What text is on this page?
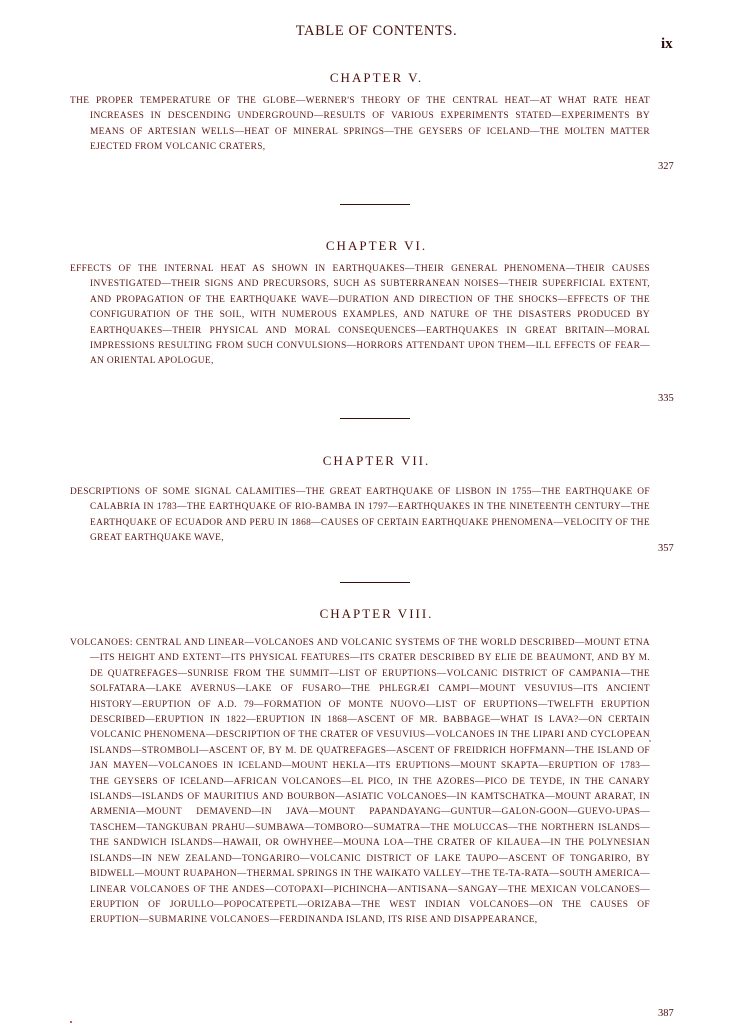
TABLE OF CONTENTS.
ix
CHAPTER V.
THE PROPER TEMPERATURE OF THE GLOBE—WERNER'S THEORY OF THE CENTRAL HEAT—AT WHAT RATE HEAT INCREASES IN DESCENDING UNDERGROUND—RESULTS OF VARIOUS EXPERIMENTS STATED—EXPERIMENTS BY MEANS OF ARTESIAN WELLS—HEAT OF MINERAL SPRINGS—THE GEYSERS OF ICELAND—THE MOLTEN MATTER EJECTED FROM VOLCANIC CRATERS,
327
CHAPTER VI.
EFFECTS OF THE INTERNAL HEAT AS SHOWN IN EARTHQUAKES—THEIR GENERAL PHENOMENA—THEIR CAUSES INVESTIGATED—THEIR SIGNS AND PRECURSORS, SUCH AS SUBTERRANEAN NOISES—THEIR SUPERFICIAL EXTENT, AND PROPAGATION OF THE EARTHQUAKE WAVE—DURATION AND DIRECTION OF THE SHOCKS—EFFECTS OF THE CONFIGURATION OF THE SOIL, WITH NUMEROUS EXAMPLES, AND NATURE OF THE DISASTERS PRODUCED BY EARTHQUAKES—THEIR PHYSICAL AND MORAL CONSEQUENCES—EARTHQUAKES IN GREAT BRITAIN—MORAL IMPRESSIONS RESULTING FROM SUCH CONVULSIONS—HORRORS ATTENDANT UPON THEM—ILL EFFECTS OF FEAR—AN ORIENTAL APOLOGUE,
335
CHAPTER VII.
DESCRIPTIONS OF SOME SIGNAL CALAMITIES—THE GREAT EARTHQUAKE OF LISBON IN 1755—THE EARTHQUAKE OF CALABRIA IN 1783—THE EARTHQUAKE OF RIO-BAMBA IN 1797—EARTHQUAKES IN THE NINETEENTH CENTURY—THE EARTHQUAKE OF ECUADOR AND PERU IN 1868—CAUSES OF CERTAIN EARTHQUAKE PHENOMENA—VELOCITY OF THE GREAT EARTHQUAKE WAVE,
357
CHAPTER VIII.
VOLCANOES: CENTRAL AND LINEAR—VOLCANOES AND VOLCANIC SYSTEMS OF THE WORLD DESCRIBED—MOUNT ETNA—ITS HEIGHT AND EXTENT—ITS PHYSICAL FEATURES—ITS CRATER DESCRIBED BY ELIE DE BEAUMONT, AND BY M. DE QUATREFAGES—SUNRISE FROM THE SUMMIT—LIST OF ERUPTIONS—VOLCANIC DISTRICT OF CAMPANIA—THE SOLFATARA—LAKE AVERNUS—LAKE OF FUSARO—THE PHLEGRÆI CAMPI—MOUNT VESUVIUS—ITS ANCIENT HISTORY—ERUPTION OF A.D. 79—FORMATION OF MONTE NUOVO—LIST OF ERUPTIONS—TWELFTH ERUPTION DESCRIBED—ERUPTION IN 1822—ERUPTION IN 1868—ASCENT OF MR. BABBAGE—WHAT IS LAVA?—ON CERTAIN VOLCANIC PHENOMENA—DESCRIPTION OF THE CRATER OF VESUVIUS—VOLCANOES IN THE LIPARI AND CYCLOPEAN ISLANDS—STROMBOLI—ASCENT OF, BY M. DE QUATREFAGES—ASCENT OF FREIDRICH HOFFMANN—THE ISLAND OF JAN MAYEN—VOLCANOES IN ICELAND—MOUNT HEKLA—ITS ERUPTIONS—MOUNT SKAPTA—ERUPTION OF 1783—THE GEYSERS OF ICELAND—AFRICAN VOLCANOES—EL PICO, IN THE AZORES—PICO DE TEYDE, IN THE CANARY ISLANDS—ISLANDS OF MAURITIUS AND BOURBON—ASIATIC VOLCANOES—IN KAMTSCHATKA—MOUNT ARARAT, IN ARMENIA—MOUNT DEMAVEND—IN JAVA—MOUNT PAPANDAYANG—GUNTUR—GALON-GOON—GUEVO-UPAS—TASCHEM—TANGKUBAN PRAHU—SUMBAWA—TOMBORO—SUMATRA—THE MOLUCCAS—THE NORTHERN ISLANDS—THE SANDWICH ISLANDS—HAWAII, OR OWHYHEE—MOUNA LOA—THE CRATER OF KILAUEA—IN THE POLYNESIAN ISLANDS—IN NEW ZEALAND—TONGARIRO—VOLCANIC DISTRICT OF LAKE TAUPO—ASCENT OF TONGARIRO, BY BIDWELL—MOUNT RUAPAHON—THERMAL SPRINGS IN THE WAIKATO VALLEY—THE TE-TA-RATA—SOUTH AMERICA—LINEAR VOLCANOES OF THE ANDES—COTOPAXI—PICHINCHA—ANTISANA—SANGAY—THE MEXICAN VOLCANOES—ERUPTION OF JORULLO—POPOCATEPETL—ORIZABA—THE WEST INDIAN VOLCANOES—ON THE CAUSES OF ERUPTION—SUBMARINE VOLCANOES—FERDINANDA ISLAND, ITS RISE AND DISAPPEARANCE,
387
